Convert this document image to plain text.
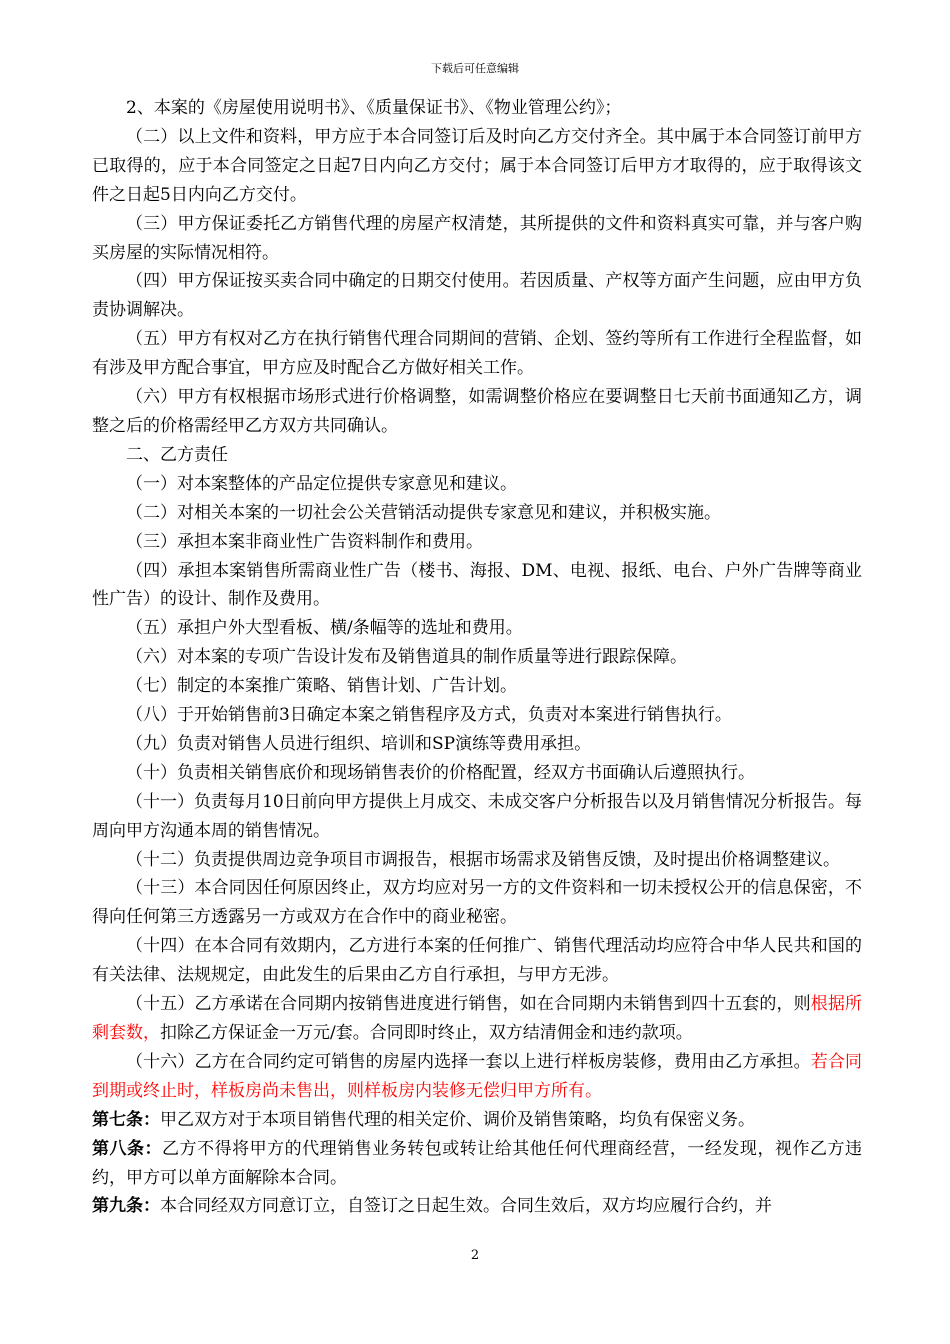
下载后可任意编辑

2、本案的《房屋使用说明书》、《质量保证书》、《物业管理公约》；

（二）以上文件和资料，甲方应于本合同签订后及时向乙方交付齐全。其中属于本合同签订前甲方已取得的，应于本合同签定之日起7日内向乙方交付；属于本合同签订后甲方才取得的，应于取得该文件之日起5日内向乙方交付。

（三）甲方保证委托乙方销售代理的房屋产权清楚，其所提供的文件和资料真实可靠，并与客户购买房屋的实际情况相符。

（四）甲方保证按买卖合同中确定的日期交付使用。若因质量、产权等方面产生问题，应由甲方负责协调解决。

（五）甲方有权对乙方在执行销售代理合同期间的营销、企划、签约等所有工作进行全程监督，如有涉及甲方配合事宜，甲方应及时配合乙方做好相关工作。

（六）甲方有权根据市场形式进行价格调整，如需调整价格应在要调整日七天前书面通知乙方，调整之后的价格需经甲乙方双方共同确认。

二、乙方责任

（一）对本案整体的产品定位提供专家意见和建议。

（二）对相关本案的一切社会公关营销活动提供专家意见和建议，并积极实施。

（三）承担本案非商业性广告资料制作和费用。

（四）承担本案销售所需商业性广告（楼书、海报、DM、电视、报纸、电台、户外广告牌等商业性广告）的设计、制作及费用。

（五）承担户外大型看板、横/条幅等的选址和费用。

（六）对本案的专项广告设计发布及销售道具的制作质量等进行跟踪保障。

（七）制定的本案推广策略、销售计划、广告计划。

（八）于开始销售前3日确定本案之销售程序及方式，负责对本案进行销售执行。

（九）负责对销售人员进行组织、培训和SP演练等费用承担。

（十）负责相关销售底价和现场销售表价的价格配置，经双方书面确认后遵照执行。

（十一）负责每月10日前向甲方提供上月成交、未成交客户分析报告以及月销售情况分析报告。每周向甲方沟通本周的销售情况。

（十二）负责提供周边竞争项目市调报告，根据市场需求及销售反馈，及时提出价格调整建议。

（十三）本合同因任何原因终止，双方均应对另一方的文件资料和一切未授权公开的信息保密，不得向任何第三方透露另一方或双方在合作中的商业秘密。

（十四）在本合同有效期内，乙方进行本案的任何推广、销售代理活动均应符合中华人民共和国的有关法律、法规规定，由此发生的后果由乙方自行承担，与甲方无涉。

（十五）乙方承诺在合同期内按销售进度进行销售，如在合同期内未销售到四十五套的，则根据所剩套数，扣除乙方保证金一万元/套。合同即时终止，双方结清佣金和违约款项。

（十六）乙方在合同约定可销售的房屋内选择一套以上进行样板房装修，费用由乙方承担。若合同到期或终止时，样板房尚未售出，则样板房内装修无偿归甲方所有。

第七条：甲乙双方对于本项目销售代理的相关定价、调价及销售策略，均负有保密义务。

第八条：乙方不得将甲方的代理销售业务转包或转让给其他任何代理商经营，一经发现，视作乙方违约，甲方可以单方面解除本合同。

第九条：本合同经双方同意订立，自签订之日起生效。合同生效后，双方均应履行合约，并

2
